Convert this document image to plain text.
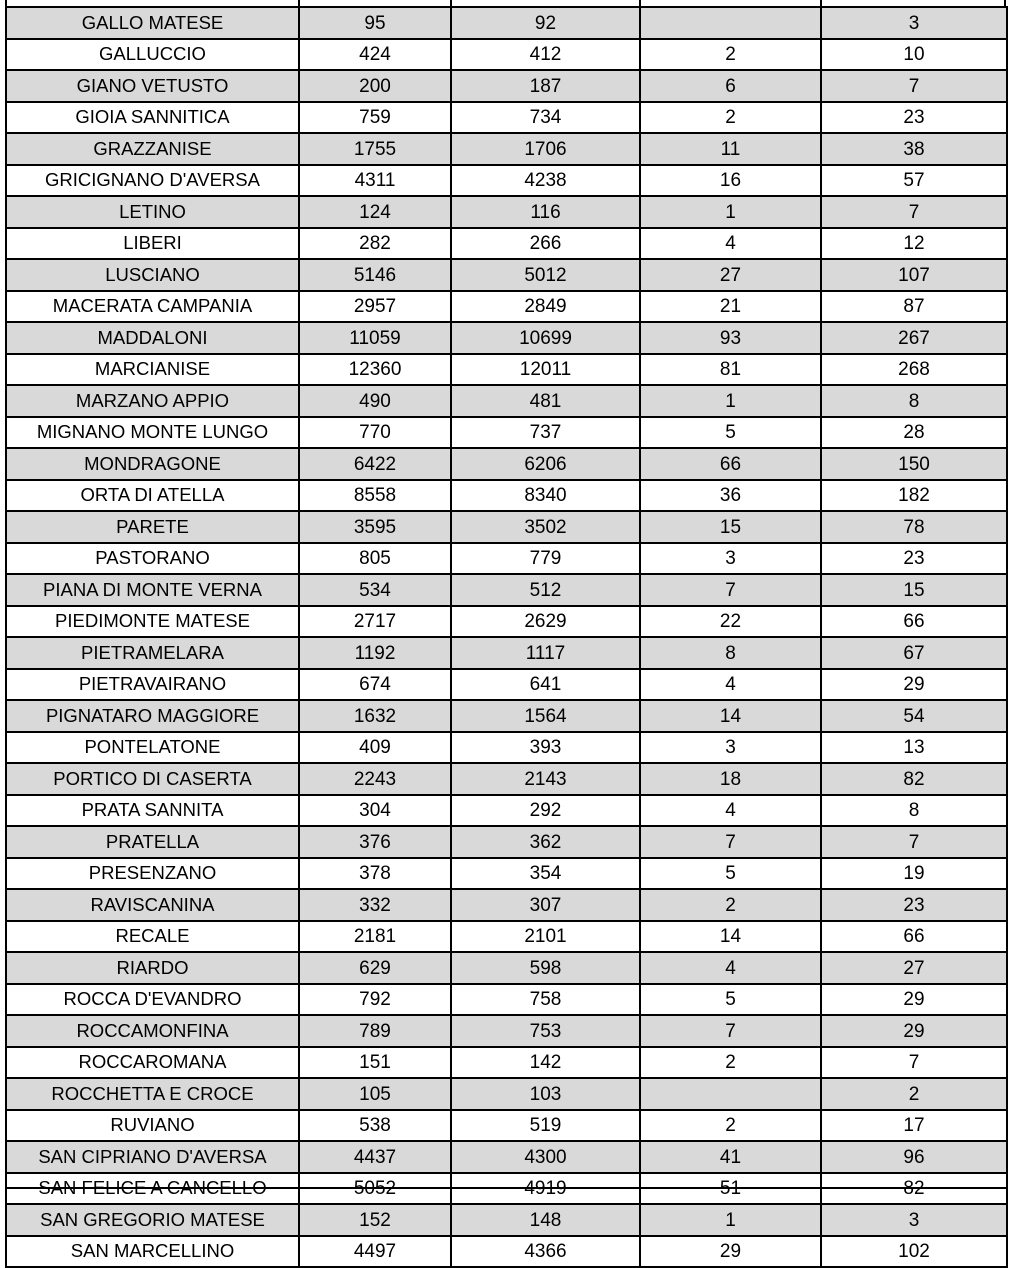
GALLO MATESE	95	92		3
GALLUCCIO	424	412	2	10
GIANO VETUSTO	200	187	6	7
GIOIA SANNITICA	759	734	2	23
GRAZZANISE	1755	1706	11	38
GRICIGNANO D'AVERSA	4311	4238	16	57
LETINO	124	116	1	7
LIBERI	282	266	4	12
LUSCIANO	5146	5012	27	107
MACERATA CAMPANIA	2957	2849	21	87
MADDALONI	11059	10699	93	267
MARCIANISE	12360	12011	81	268
MARZANO APPIO	490	481	1	8
MIGNANO MONTE LUNGO	770	737	5	28
MONDRAGONE	6422	6206	66	150
ORTA DI ATELLA	8558	8340	36	182
PARETE	3595	3502	15	78
PASTORANO	805	779	3	23
PIANA DI MONTE VERNA	534	512	7	15
PIEDIMONTE MATESE	2717	2629	22	66
PIETRAMELARA	1192	1117	8	67
PIETRAVAIRANO	674	641	4	29
PIGNATARO MAGGIORE	1632	1564	14	54
PONTELATONE	409	393	3	13
PORTICO DI CASERTA	2243	2143	18	82
PRATA SANNITA	304	292	4	8
PRATELLA	376	362	7	7
PRESENZANO	378	354	5	19
RAVISCANINA	332	307	2	23
RECALE	2181	2101	14	66
RIARDO	629	598	4	27
ROCCA D'EVANDRO	792	758	5	29
ROCCAMONFINA	789	753	7	29
ROCCAROMANA	151	142	2	7
ROCCHETTA E CROCE	105	103		2
RUVIANO	538	519	2	17
SAN CIPRIANO D'AVERSA	4437	4300	41	96
SAN FELICE A CANCELLO	5052	4919	51	82
SAN GREGORIO MATESE	152	148	1	3
SAN MARCELLINO	4497	4366	29	102
